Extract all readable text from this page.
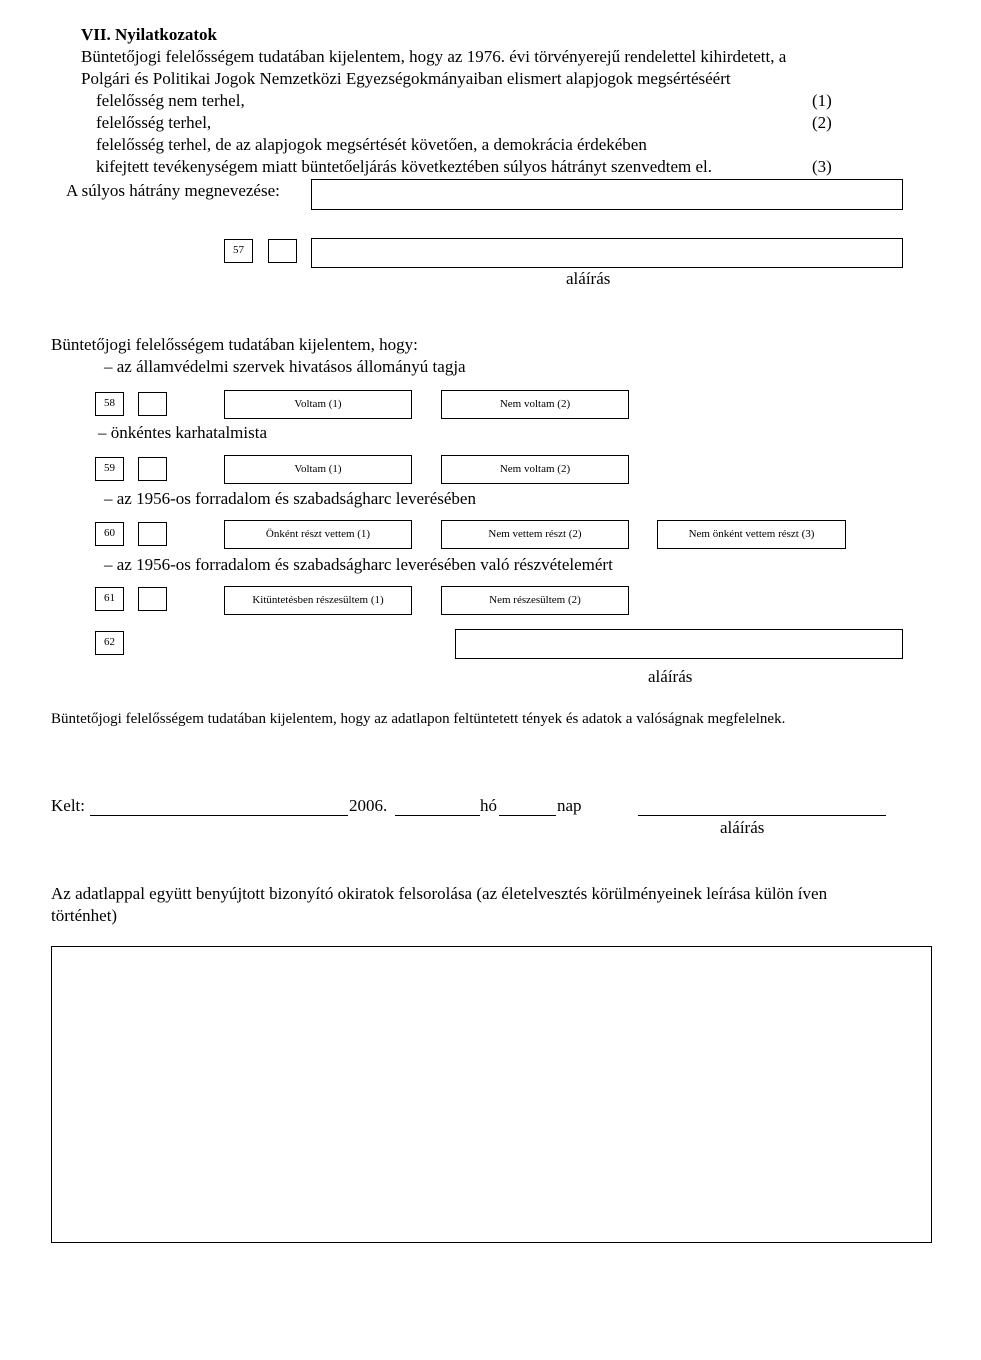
VII. Nyilatkozatok
Büntetőjogi felelősségem tudatában kijelentem, hogy az 1976. évi törvényerejű rendelettel kihirdetett, a
Polgári és Politikai Jogok Nemzetközi Egyezségokmányaiban elismert alapjogok megsértéséért
felelősség nem terhel,	(1)
felelősség terhel,	(2)
felelősség terhel, de az alapjogok megsértését követően, a demokrácia érdekében
kifejtett tevékenységem miatt büntetőeljárás következtében súlyos hátrányt szenvedtem el.	(3)
A súlyos hátrány megnevezése:
57
aláírás
Büntetőjogi felelősségem tudatában kijelentem, hogy:
– az államvédelmi szervek hivatásos állományú tagja
58	Voltam (1)	Nem voltam (2)
– önkéntes karhatalmista
59	Voltam (1)	Nem voltam (2)
– az 1956-os forradalom és szabadságharc leverésében
60	Önként részt vettem (1)	Nem vettem részt (2)	Nem önként vettem részt (3)
– az 1956-os forradalom és szabadságharc leverésében való részvételemért
61	Kitüntetésben részesültem (1)	Nem részesültem (2)
62
aláírás
Büntetőjogi felelősségem tudatában kijelentem, hogy az adatlapon feltüntetett tények és adatok a valóságnak megfelelnek.
Kelt:	2006.	hó	nap
aláírás
Az adatlappal együtt benyújtott bizonyító okiratok felsorolása (az életelvesztés körülményeinek leírása külön íven
történhet)
